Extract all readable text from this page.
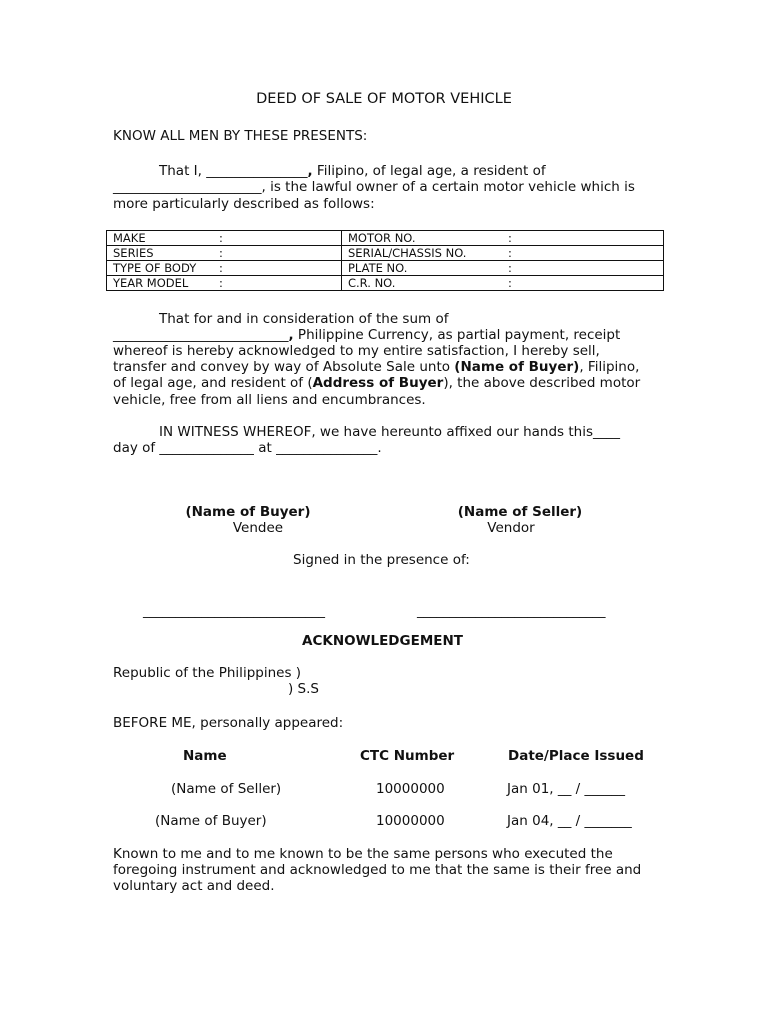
DEED OF SALE OF MOTOR VEHICLE
KNOW ALL MEN BY THESE PRESENTS:
That I, _______________, Filipino, of legal age, a resident of
______________________, is the lawful owner of a certain motor vehicle which is
more particularly described as follows:
MAKE :	MOTOR NO. :
SERIES :	SERIAL/CHASSIS NO. :
TYPE OF BODY :	PLATE NO. :
YEAR MODEL :	C.R. NO. :
That for and in consideration of the sum of
__________________________, Philippine Currency, as partial payment, receipt
whereof is hereby acknowledged to my entire satisfaction, I hereby sell,
transfer and convey by way of Absolute Sale unto (Name of Buyer), Filipino,
of legal age, and resident of (Address of Buyer), the above described motor
vehicle, free from all liens and encumbrances.
IN WITNESS WHEREOF, we have hereunto affixed our hands this____
day of ______________ at _______________.
(Name of Buyer)
Vendee
(Name of Seller)
Vendor
Signed in the presence of:
____________________________	_____________________________
ACKNOWLEDGEMENT
Republic of the Philippines )
) S.S
BEFORE ME, personally appeared:
Name	CTC Number	Date/Place Issued
(Name of Seller)	10000000	Jan 01, __ / ______
(Name of Buyer)	10000000	Jan 04, __ / _______
Known to me and to me known to be the same persons who executed the
foregoing instrument and acknowledged to me that the same is their free and
voluntary act and deed.
